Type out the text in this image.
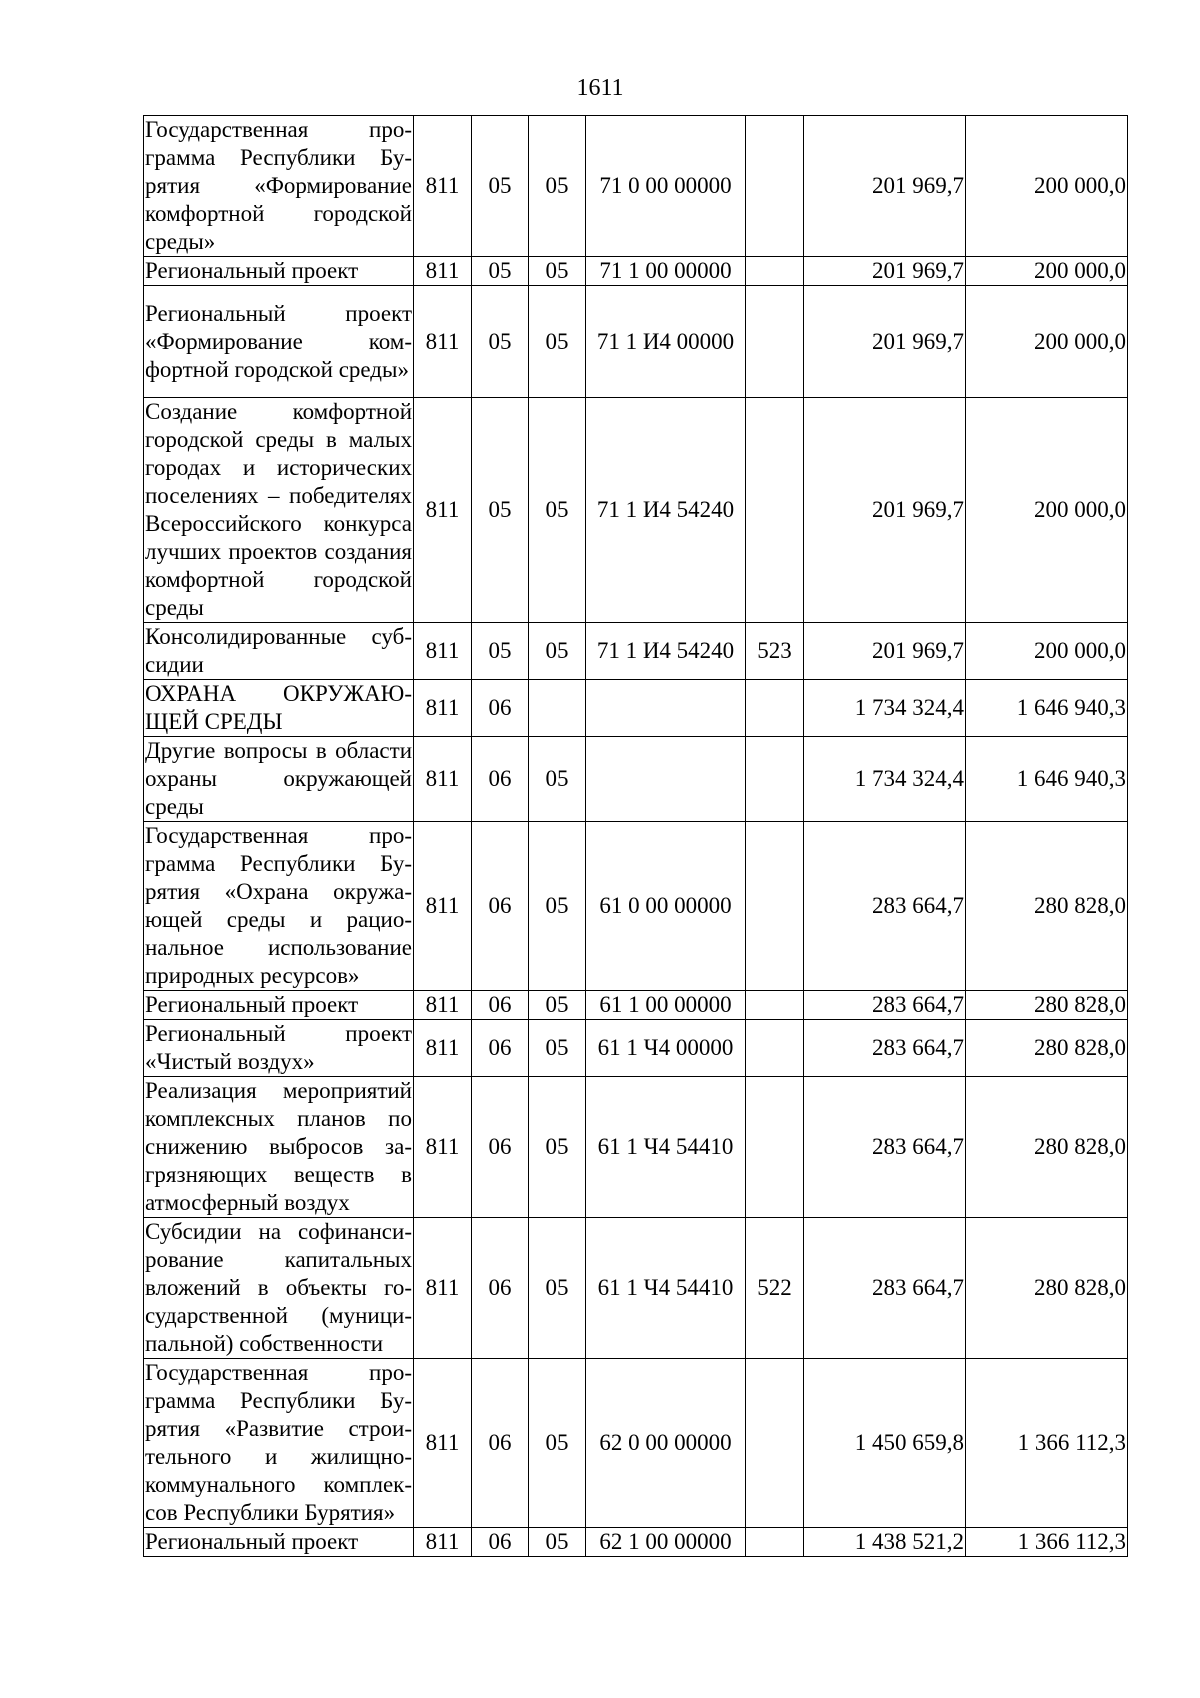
1611
Государственная программа Республики Бурятия «Формирование комфортной городской среды»	811	05	05	71 0 00 00000		201 969,7	200 000,0
Региональный проект	811	05	05	71 1 00 00000		201 969,7	200 000,0
Региональный проект «Формирование комфортной городской среды»	811	05	05	71 1 И4 00000		201 969,7	200 000,0
Создание комфортной городской среды в малых городах и исторических поселениях – победителях Всероссийского конкурса лучших проектов создания комфортной городской среды	811	05	05	71 1 И4 54240		201 969,7	200 000,0
Консолидированные субсидии	811	05	05	71 1 И4 54240	523	201 969,7	200 000,0
ОХРАНА ОКРУЖАЮЩЕЙ СРЕДЫ	811	06				1 734 324,4	1 646 940,3
Другие вопросы в области охраны окружающей среды	811	06	05			1 734 324,4	1 646 940,3
Государственная программа Республики Бурятия «Охрана окружающей среды и рациональное использование природных ресурсов»	811	06	05	61 0 00 00000		283 664,7	280 828,0
Региональный проект	811	06	05	61 1 00 00000		283 664,7	280 828,0
Региональный проект «Чистый воздух»	811	06	05	61 1 Ч4 00000		283 664,7	280 828,0
Реализация мероприятий комплексных планов по снижению выбросов загрязняющих веществ в атмосферный воздух	811	06	05	61 1 Ч4 54410		283 664,7	280 828,0
Субсидии на софинансирование капитальных вложений в объекты государственной (муниципальной) собственности	811	06	05	61 1 Ч4 54410	522	283 664,7	280 828,0
Государственная программа Республики Бурятия «Развитие строительного и жилищно-коммунального комплексов Республики Бурятия»	811	06	05	62 0 00 00000		1 450 659,8	1 366 112,3
Региональный проект	811	06	05	62 1 00 00000		1 438 521,2	1 366 112,3
